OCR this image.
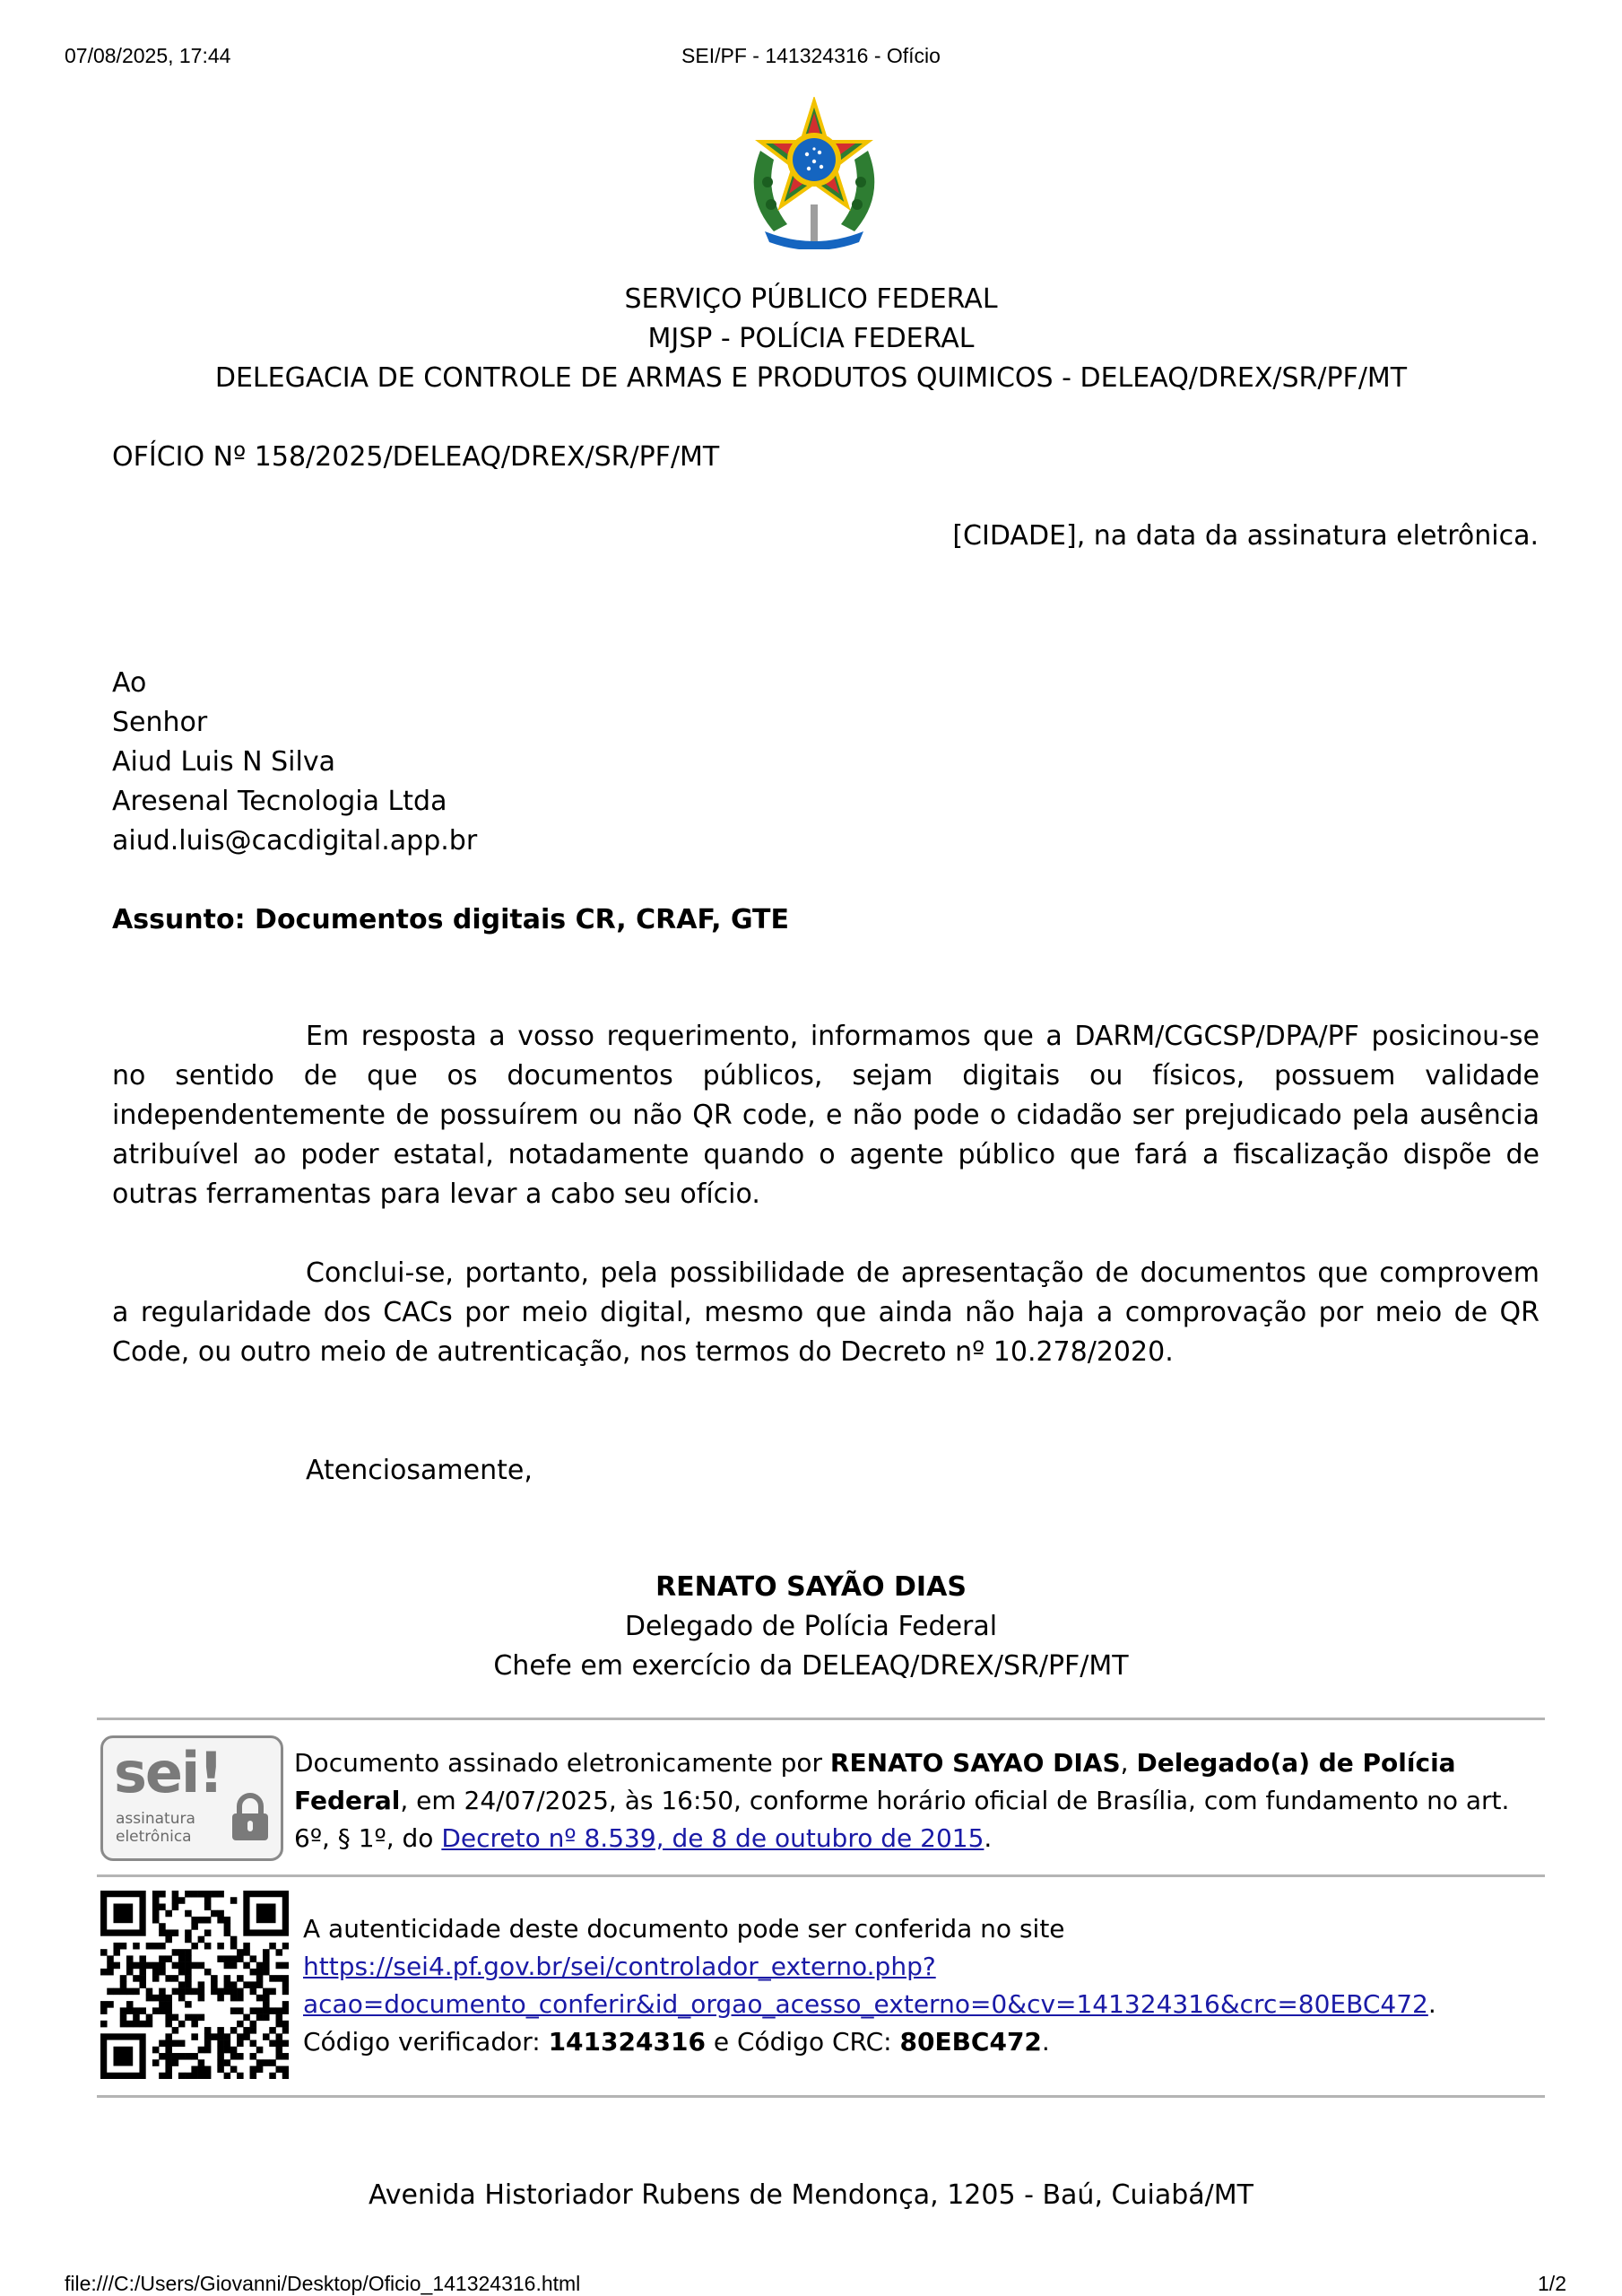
07/08/2025, 17:44	SEI/PF - 141324316 - Ofício
SERVIÇO PÚBLICO FEDERAL
MJSP - POLÍCIA FEDERAL
DELEGACIA DE CONTROLE DE ARMAS E PRODUTOS QUIMICOS - DELEAQ/DREX/SR/PF/MT
OFÍCIO Nº 158/2025/DELEAQ/DREX/SR/PF/MT
[CIDADE], na data da assinatura eletrônica.
Ao
Senhor
Aiud Luis N Silva
Aresenal Tecnologia Ltda
aiud.luis@cacdigital.app.br
Assunto: Documentos digitais CR, CRAF, GTE
Em resposta a vosso requerimento, informamos que a DARM/CGCSP/DPA/PF posicinou-se no sentido de que os documentos públicos, sejam digitais ou físicos, possuem validade independentemente de possuírem ou não QR code, e não pode o cidadão ser prejudicado pela ausência atribuível ao poder estatal, notadamente quando o agente público que fará a fiscalização dispõe de outras ferramentas para levar a cabo seu ofício.
Conclui-se, portanto, pela possibilidade de apresentação de documentos que comprovem a regularidade dos CACs por meio digital, mesmo que ainda não haja a comprovação por meio de QR Code, ou outro meio de autrenticação, nos termos do Decreto nº 10.278/2020.
Atenciosamente,
RENATO SAYÃO DIAS
Delegado de Polícia Federal
Chefe em exercício da DELEAQ/DREX/SR/PF/MT
sei!
assinatura
eletrônica
Documento assinado eletronicamente por RENATO SAYAO DIAS, Delegado(a) de Polícia Federal, em 24/07/2025, às 16:50, conforme horário oficial de Brasília, com fundamento no art. 6º, § 1º, do Decreto nº 8.539, de 8 de outubro de 2015.
A autenticidade deste documento pode ser conferida no site
https://sei4.pf.gov.br/sei/controlador_externo.php?
acao=documento_conferir&id_orgao_acesso_externo=0&cv=141324316&crc=80EBC472.
Código verificador: 141324316 e Código CRC: 80EBC472.
Avenida Historiador Rubens de Mendonça, 1205 - Baú, Cuiabá/MT
file:///C:/Users/Giovanni/Desktop/Oficio_141324316.html	1/2
